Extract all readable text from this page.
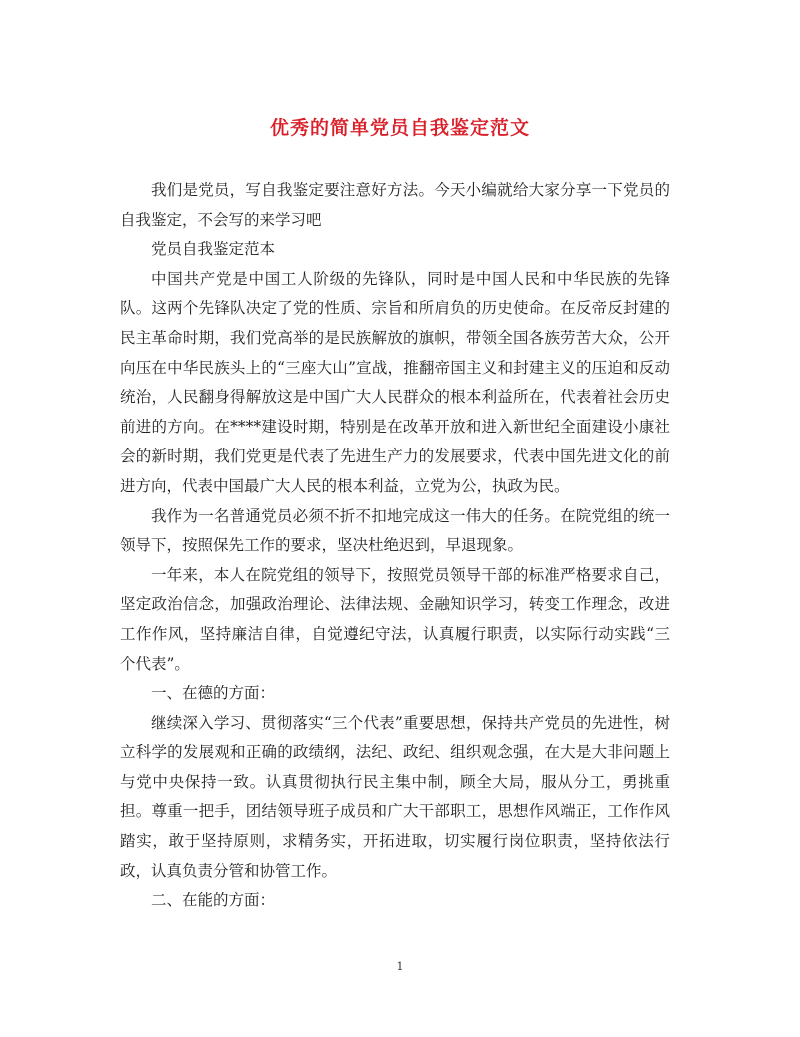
优秀的简单党员自我鉴定范文

我们是党员，写自我鉴定要注意好方法。今天小编就给大家分享一下党员的自我鉴定，不会写的来学习吧

党员自我鉴定范本

中国共产党是中国工人阶级的先锋队，同时是中国人民和中华民族的先锋队。这两个先锋队决定了党的性质、宗旨和所肩负的历史使命。在反帝反封建的民主革命时期，我们党高举的是民族解放的旗帜，带领全国各族劳苦大众，公开向压在中华民族头上的“三座大山”宣战，推翻帝国主义和封建主义的压迫和反动统治，人民翻身得解放这是中国广大人民群众的根本利益所在，代表着社会历史前进的方向。在****建设时期，特别是在改革开放和进入新世纪全面建设小康社会的新时期，我们党更是代表了先进生产力的发展要求，代表中国先进文化的前进方向，代表中国最广大人民的根本利益，立党为公，执政为民。

我作为一名普通党员必须不折不扣地完成这一伟大的任务。在院党组的统一领导下，按照保先工作的要求，坚决杜绝迟到，早退现象。

一年来，本人在院党组的领导下，按照党员领导干部的标准严格要求自己，坚定政治信念，加强政治理论、法律法规、金融知识学习，转变工作理念，改进工作作风，坚持廉洁自律，自觉遵纪守法，认真履行职责，以实际行动实践“三个代表”。

一、在德的方面：

继续深入学习、贯彻落实“三个代表”重要思想，保持共产党员的先进性，树立科学的发展观和正确的政绩纲，法纪、政纪、组织观念强，在大是大非问题上与党中央保持一致。认真贯彻执行民主集中制，顾全大局，服从分工，勇挑重担。尊重一把手，团结领导班子成员和广大干部职工，思想作风端正，工作作风踏实，敢于坚持原则，求精务实，开拓进取，切实履行岗位职责，坚持依法行政，认真负责分管和协管工作。

二、在能的方面：

1
